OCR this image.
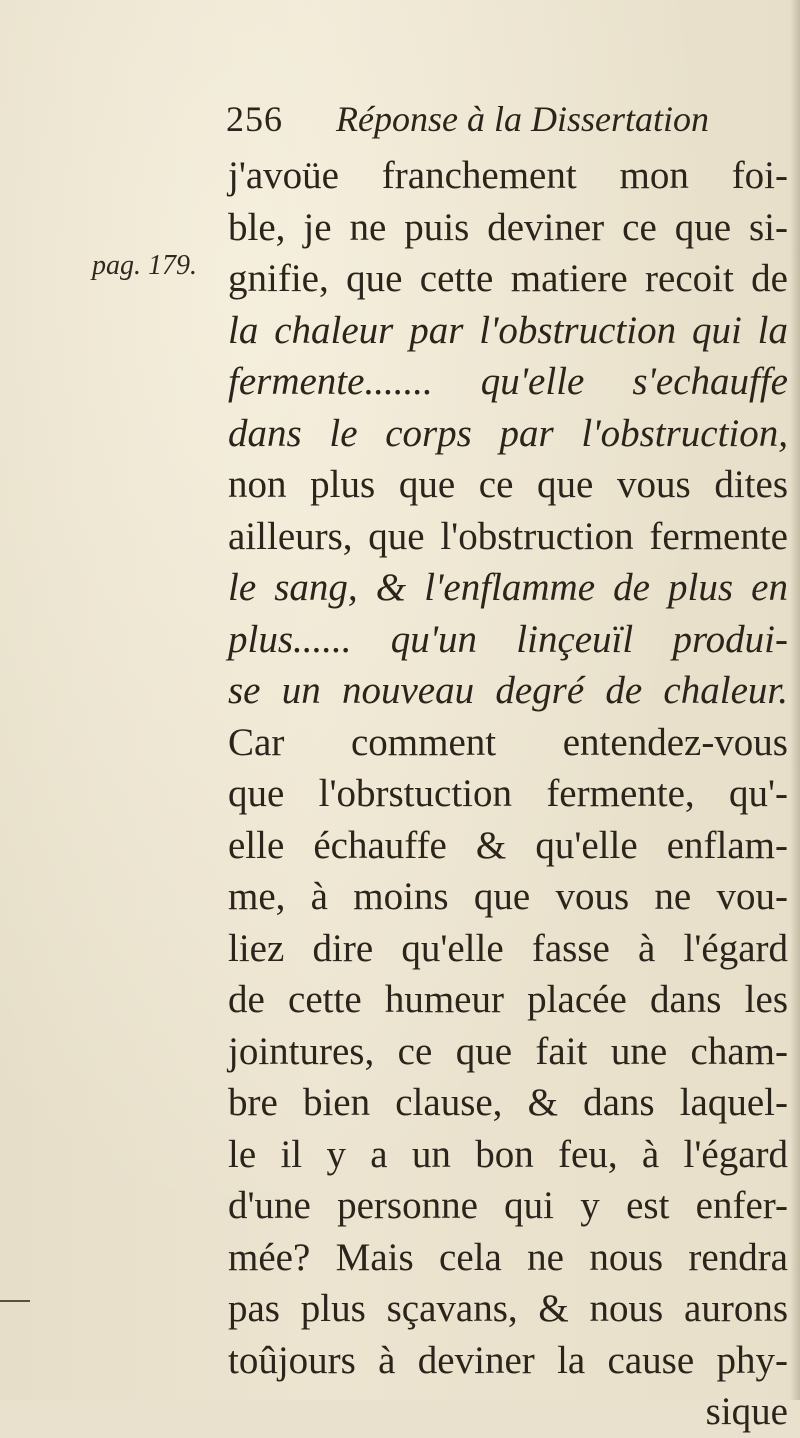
256 Réponse à la Dissertation
pag. 179.
j'avoüe franchement mon foi-
ble, je ne puis deviner ce que si-
gnifie, que cette matiere recoit de
la chaleur par l'obstruction qui la
fermente....... qu'elle s'echauffe
dans le corps par l'obstruction,
non plus que ce que vous dites
ailleurs, que l'obstruction fermente
le sang, & l'enflamme de plus en
plus...... qu'un linçeuïl produi-
se un nouveau degré de chaleur.
Car comment entendez-vous
que l'obrstuction fermente, qu'-
elle échauffe & qu'elle enflam-
me, à moins que vous ne vou-
liez dire qu'elle fasse à l'égard
de cette humeur placée dans les
jointures, ce que fait une cham-
bre bien clause, & dans laquel-
le il y a un bon feu, à l'égard
d'une personne qui y est enfer-
mée? Mais cela ne nous rendra
pas plus sçavans, & nous aurons
toûjours à deviner la cause phy-
sique
